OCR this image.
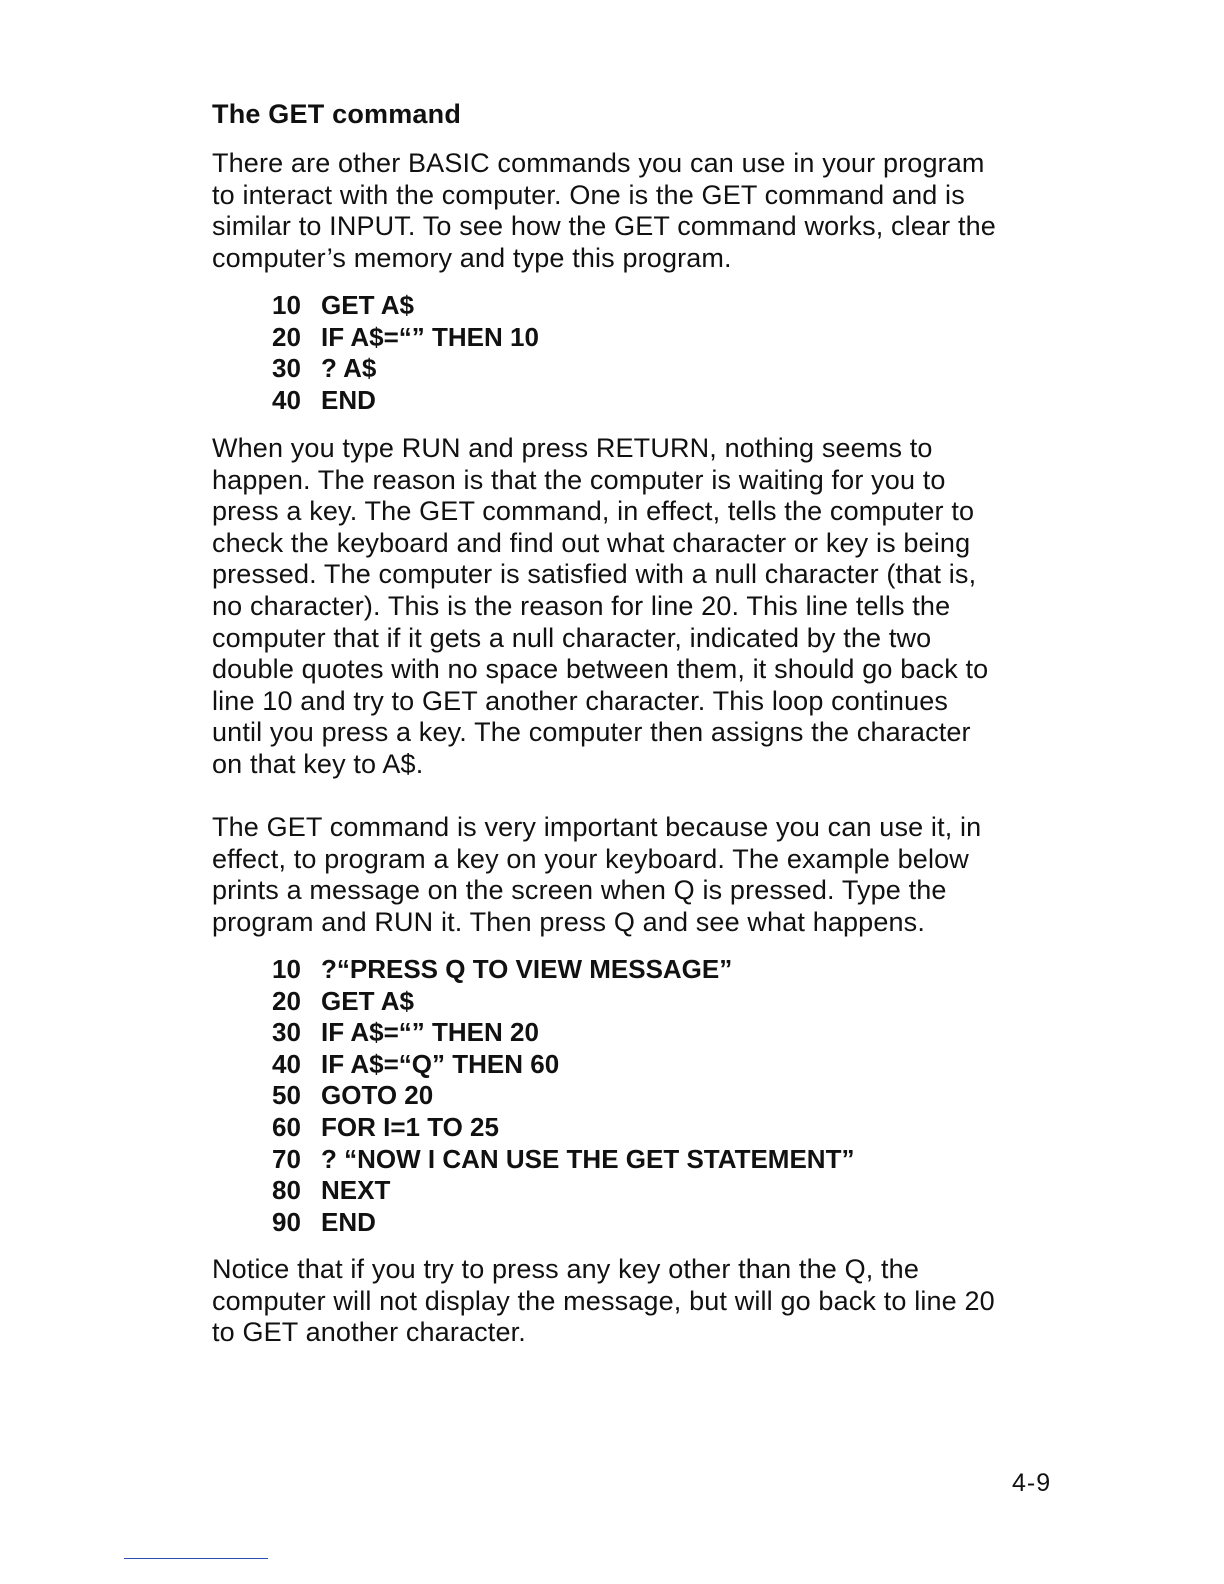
The GET command

There are other BASIC commands you can use in your program
to interact with the computer. One is the GET command and is
similar to INPUT. To see how the GET command works, clear the
computer’s memory and type this program.

10 GET A$
20 IF A$=“” THEN 10
30 ? A$
40 END

When you type RUN and press RETURN, nothing seems to
happen. The reason is that the computer is waiting for you to
press a key. The GET command, in effect, tells the computer to
check the keyboard and find out what character or key is being
pressed. The computer is satisfied with a null character (that is,
no character). This is the reason for line 20. This line tells the
computer that if it gets a null character, indicated by the two
double quotes with no space between them, it should go back to
line 10 and try to GET another character. This loop continues
until you press a key. The computer then assigns the character
on that key to A$.

The GET command is very important because you can use it, in
effect, to program a key on your keyboard. The example below
prints a message on the screen when Q is pressed. Type the
program and RUN it. Then press Q and see what happens.

10 ?“PRESS Q TO VIEW MESSAGE”
20 GET A$
30 IF A$=“” THEN 20
40 IF A$=“Q” THEN 60
50 GOTO 20
60 FOR I=1 TO 25
70 ? “NOW I CAN USE THE GET STATEMENT”
80 NEXT
90 END

Notice that if you try to press any key other than the Q, the
computer will not display the message, but will go back to line 20
to GET another character.

4-9
